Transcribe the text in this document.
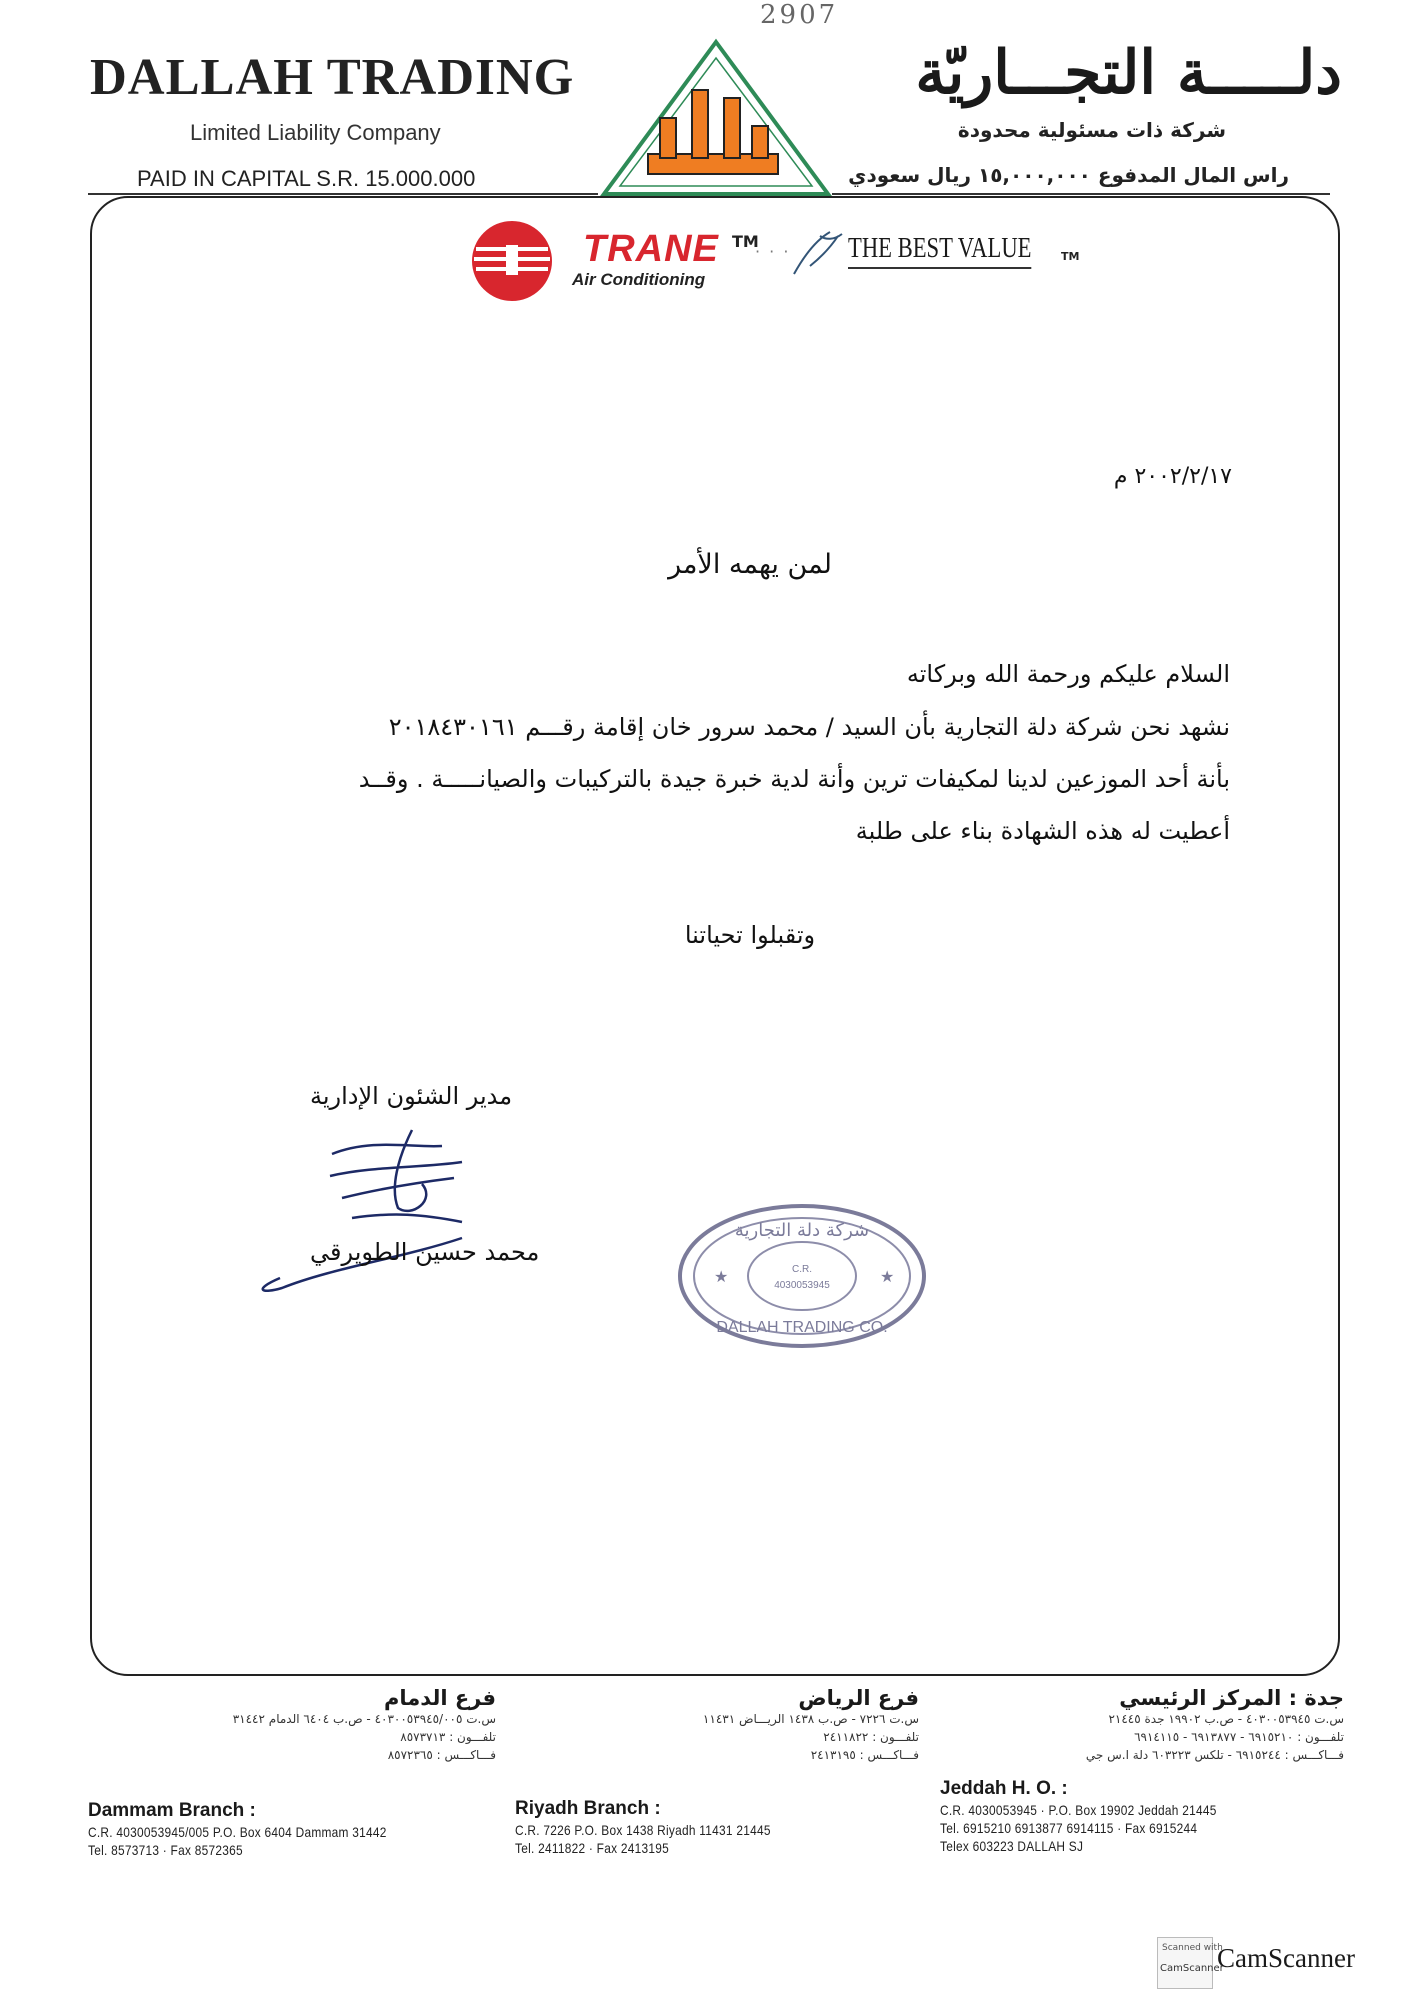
2907
DALLAH TRADING
Limited Liability Company
PAID IN CAPITAL S.R. 15.000.000
دلـــــة التجـــاريّة
شركة ذات مسئولية محدودة
راس المال المدفوع ١٥,٠٠٠,٠٠٠ ريال سعودي
TRANE TM
Air Conditioning
· · · THE BEST VALUE	TM
٢٠٠٢/٢/١٧ م
لمن يهمه الأمر
السلام عليكم ورحمة الله وبركاته
نشهد نحن شركة دلة التجارية بأن السيد / محمد سرور خان إقامة رقـــم ٢٠١٨٤٣٠١٦١
بأنة أحد الموزعين لدينا لمكيفات ترين وأنة لدية خبرة جيدة بالتركيبات والصيانـــــة . وقــد
أعطيت له هذه الشهادة بناء على طلبة
وتقبلوا تحياتنا
مدير الشئون الإدارية
محمد حسين الطويرقي
شركة دلة التجارية
DALLAH TRADING CO.
★	★
C.R.
4030053945
فرع الدمام
س.ت ٤٠٣٠٠٥٣٩٤٥/٠٠٥ - ص.ب ٦٤٠٤ الدمام ٣١٤٤٢
تلفـــون : ٨٥٧٣٧١٣
فـــاكـــس : ٨٥٧٢٣٦٥
فرع الرياض
س.ت ٧٢٢٦ - ص.ب ١٤٣٨ الريـــاض ١١٤٣١
تلفـــون : ٢٤١١٨٢٢
فـــاكـــس : ٢٤١٣١٩٥
جدة : المركز الرئيسي
س.ت ٤٠٣٠٠٥٣٩٤٥ - ص.ب ١٩٩٠٢ جدة ٢١٤٤٥
تلفـــون : ٦٩١٥٢١٠ - ٦٩١٣٨٧٧ - ٦٩١٤١١٥
فـــاكـــس : ٦٩١٥٢٤٤ - تلكس ٦٠٣٢٢٣ دلة ا.س جي
Dammam Branch :
C.R. 4030053945/005 P.O. Box 6404 Dammam 31442
Tel. 8573713 · Fax 8572365
Riyadh Branch :
C.R. 7226 P.O. Box 1438 Riyadh 11431 21445
Tel. 2411822 · Fax 2413195
Jeddah H. O. :
C.R. 4030053945 · P.O. Box 19902 Jeddah 21445
Tel. 6915210 6913877 6914115 · Fax 6915244
Telex 603223 DALLAH SJ
Scanned with
CamScanner
CamScanner
